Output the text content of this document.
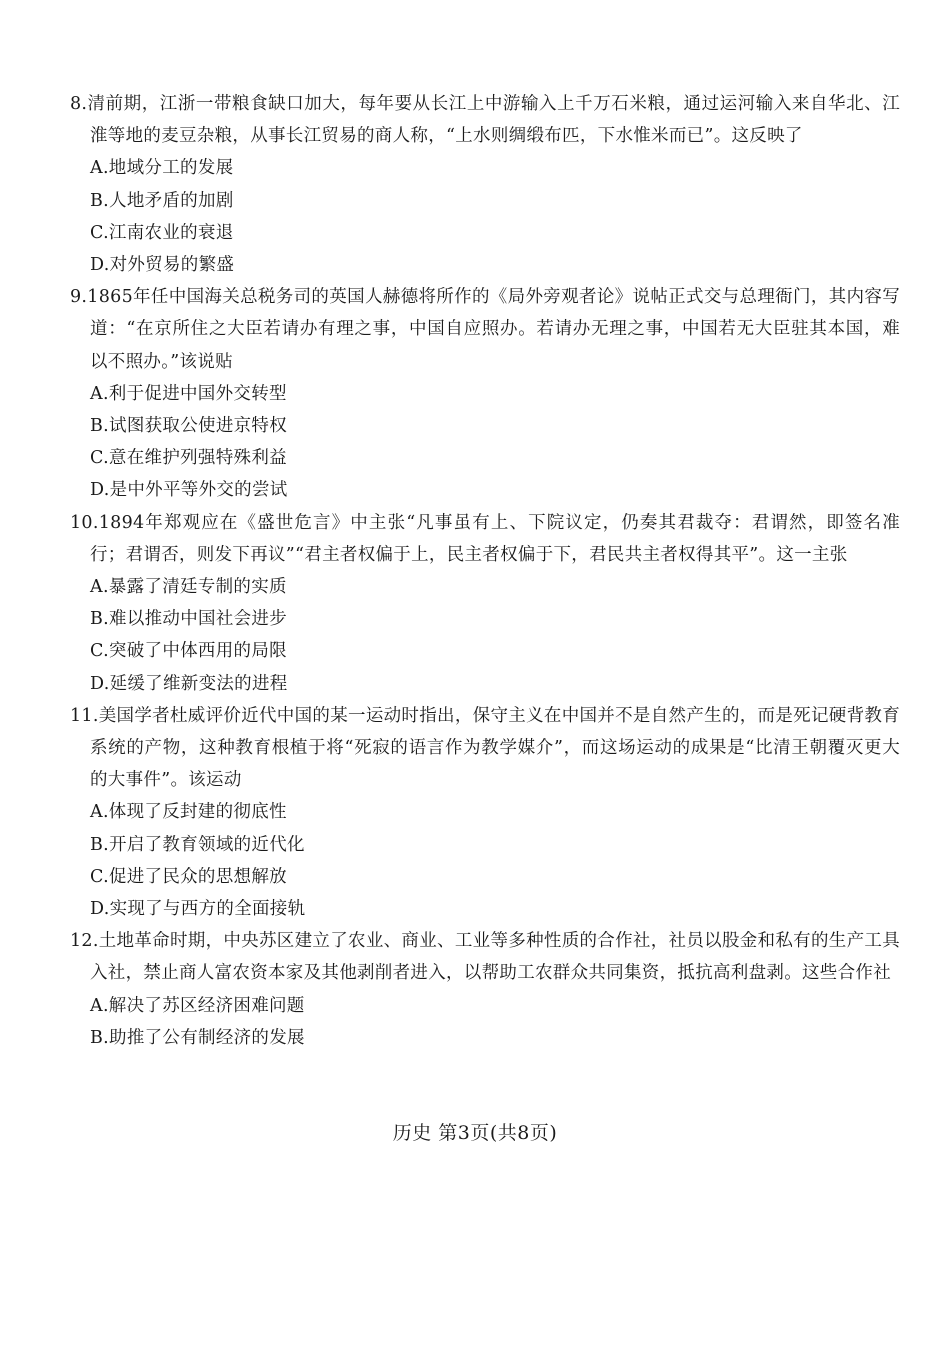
8.清前期，江浙一带粮食缺口加大，每年要从长江上中游输入上千万石米粮，通过运河输入来自华北、江淮等地的麦豆杂粮，从事长江贸易的商人称，“上水则绸缎布匹，下水惟米而已”。这反映了

A.地域分工的发展

B.人地矛盾的加剧

C.江南农业的衰退

D.对外贸易的繁盛

9.1865年任中国海关总税务司的英国人赫德将所作的《局外旁观者论》说帖正式交与总理衙门，其内容写道：“在京所住之大臣若请办有理之事，中国自应照办。若请办无理之事，中国若无大臣驻其本国，难以不照办。”该说贴

A.利于促进中国外交转型

B.试图获取公使进京特权

C.意在维护列强特殊利益

D.是中外平等外交的尝试

10.1894年郑观应在《盛世危言》中主张“凡事虽有上、下院议定，仍奏其君裁夺：君谓然，即签名准行；君谓否，则发下再议”“君主者权偏于上，民主者权偏于下，君民共主者权得其平”。这一主张

A.暴露了清廷专制的实质

B.难以推动中国社会进步

C.突破了中体西用的局限

D.延缓了维新变法的进程

11.美国学者杜威评价近代中国的某一运动时指出，保守主义在中国并不是自然产生的，而是死记硬背教育系统的产物，这种教育根植于将“死寂的语言作为教学媒介”，而这场运动的成果是“比清王朝覆灭更大的大事件”。该运动

A.体现了反封建的彻底性

B.开启了教育领域的近代化

C.促进了民众的思想解放

D.实现了与西方的全面接轨

12.土地革命时期，中央苏区建立了农业、商业、工业等多种性质的合作社，社员以股金和私有的生产工具入社，禁止商人富农资本家及其他剥削者进入，以帮助工农群众共同集资，抵抗高利盘剥。这些合作社

A.解决了苏区经济困难问题

B.助推了公有制经济的发展

历史 第3页(共8页)
